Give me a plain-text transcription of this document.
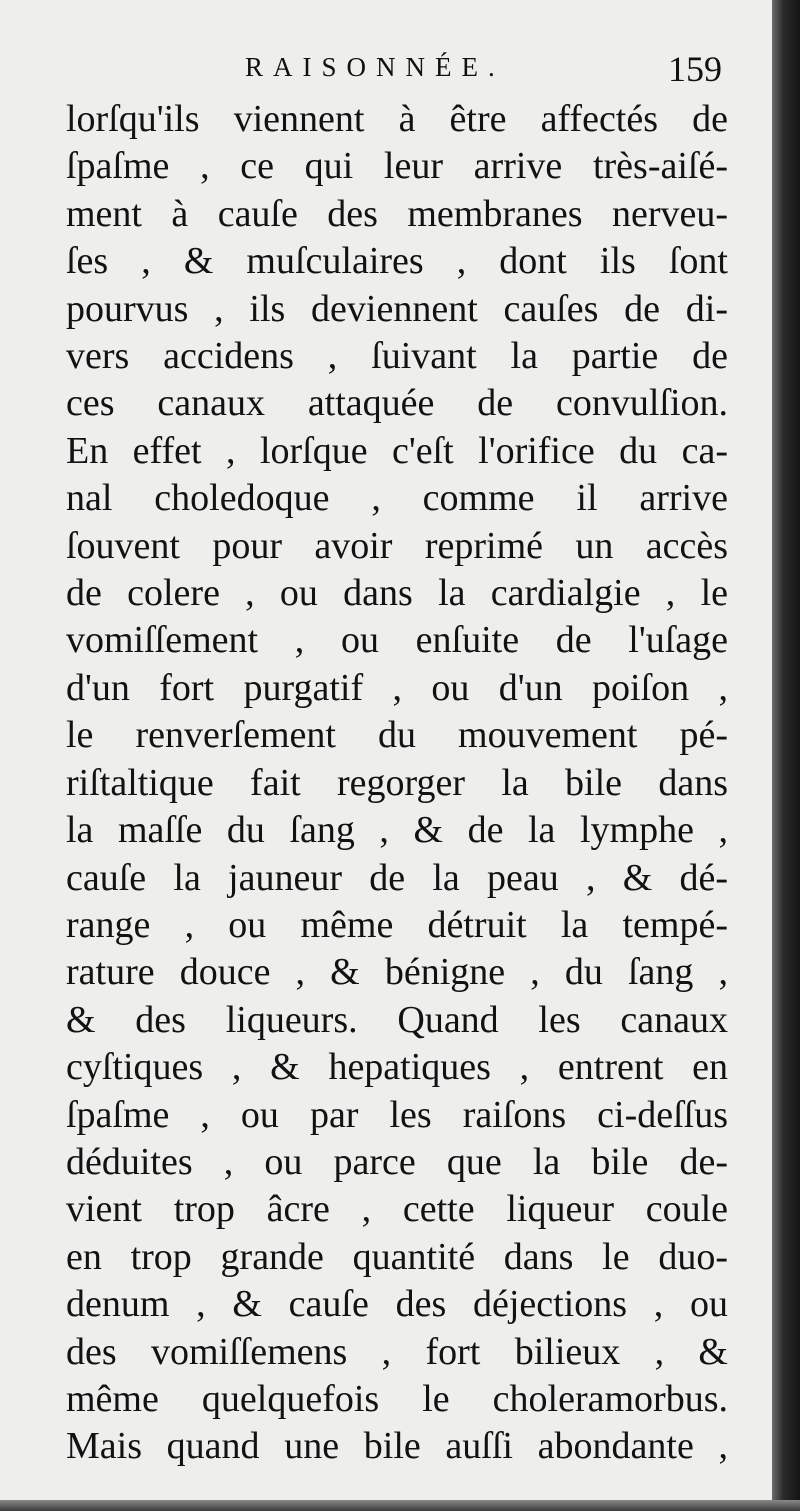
RAISONNÉE.	159
lorſqu'ils viennent à être affectés de
ſpaſme , ce qui leur arrive très-aiſé-
ment à cauſe des membranes nerveu-
ſes , & muſculaires , dont ils ſont
pourvus , ils deviennent cauſes de di-
vers accidens , ſuivant la partie de
ces canaux attaquée de convulſion.
En effet , lorſque c'eſt l'orifice du ca-
nal choledoque , comme il arrive
ſouvent pour avoir reprimé un accès
de colere , ou dans la cardialgie , le
vomiſſement , ou enſuite de l'uſage
d'un fort purgatif , ou d'un poiſon ,
le renverſement du mouvement pé-
riſtaltique fait regorger la bile dans
la maſſe du ſang , & de la lymphe ,
cauſe la jauneur de la peau , & dé-
range , ou même détruit la tempé-
rature douce , & bénigne , du ſang ,
& des liqueurs. Quand les canaux
cyſtiques , & hepatiques , entrent en
ſpaſme , ou par les raiſons ci-deſſus
déduites , ou parce que la bile de-
vient trop âcre , cette liqueur coule
en trop grande quantité dans le duo-
denum , & cauſe des déjections , ou
des vomiſſemens , fort bilieux , &
même quelquefois le choleramorbus.
Mais quand une bile auſſi abondante ,
